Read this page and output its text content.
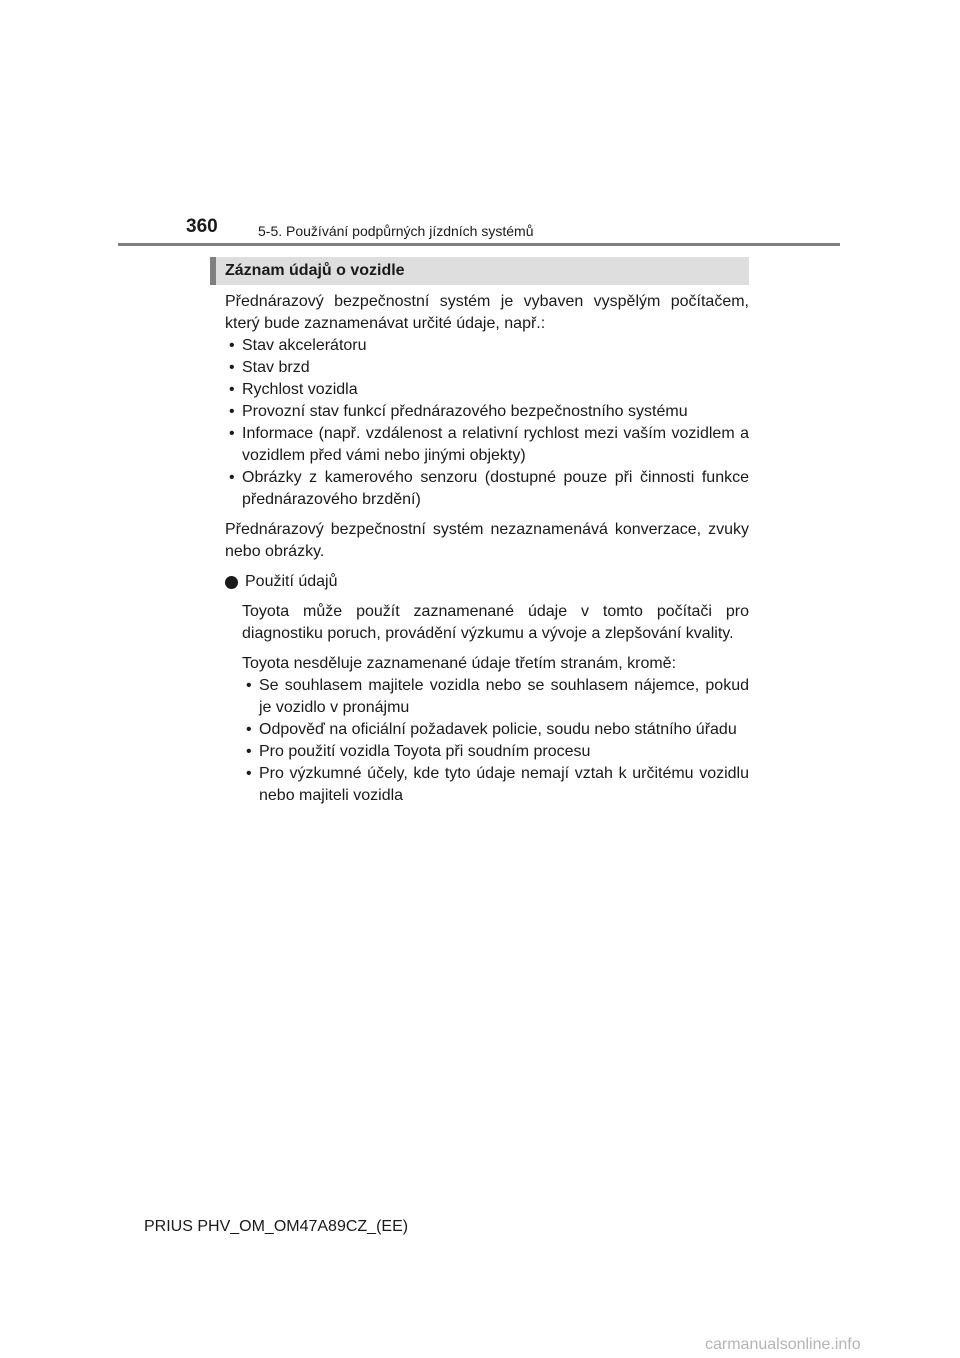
360	5-5. Používání podpůrných jízdních systémů
Záznam údajů o vozidle

Přednárazový bezpečnostní systém je vybaven vyspělým počítačem, který bude zaznamenávat určité údaje, např.:

• Stav akcelerátoru
• Stav brzd
• Rychlost vozidla
• Provozní stav funkcí přednárazového bezpečnostního systému
• Informace (např. vzdálenost a relativní rychlost mezi vaším vozidlem a vozidlem před vámi nebo jinými objekty)
• Obrázky z kamerového senzoru (dostupné pouze při činnosti funkce přednárazového brzdění)

Přednárazový bezpečnostní systém nezaznamenává konverzace, zvuky nebo obrázky.

Použití údajů

Toyota může použít zaznamenané údaje v tomto počítači pro diagnostiku poruch, provádění výzkumu a vývoje a zlepšování kvality.

Toyota nesděluje zaznamenané údaje třetím stranám, kromě:

• Se souhlasem majitele vozidla nebo se souhlasem nájemce, pokud je vozidlo v pronájmu
• Odpověď na oficiální požadavek policie, soudu nebo státního úřadu
• Pro použití vozidla Toyota při soudním procesu
• Pro výzkumné účely, kde tyto údaje nemají vztah k určitému vozidlu nebo majiteli vozidla
PRIUS PHV_OM_OM47A89CZ_(EE)
carmanualsonline.info
